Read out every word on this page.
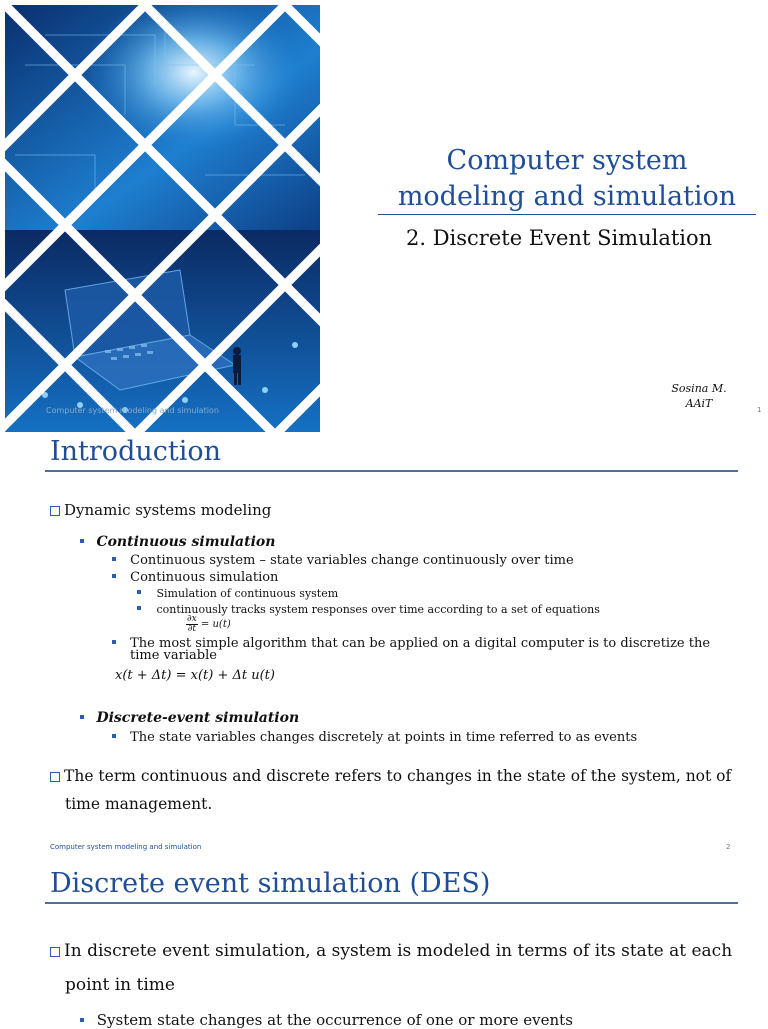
Computer system modeling and simulation
Computer system
modeling and simulation
2. Discrete Event Simulation
Sosina M.
AAiT	1
Introduction
Dynamic systems modeling
Continuous simulation
Continuous system – state variables change continuously over time
Continuous simulation
Simulation of continuous system
continuously tracks system responses over time according to a set of equations
$\frac{\partial x}{\partial t} = u(t)$
The most simple algorithm that can be applied on a digital computer is to discretize the
time variable
x(t + Δt) = x(t) + Δt u(t)
Discrete-event simulation
The state variables changes discretely at points in time referred to as events
The term continuous and discrete refers to changes in the state of the system, not of
time management.
Computer system modeling and simulation	2
Discrete event simulation (DES)
In discrete event simulation, a system is modeled in terms of its state at each
point in time
System state changes at the occurrence of one or more events
